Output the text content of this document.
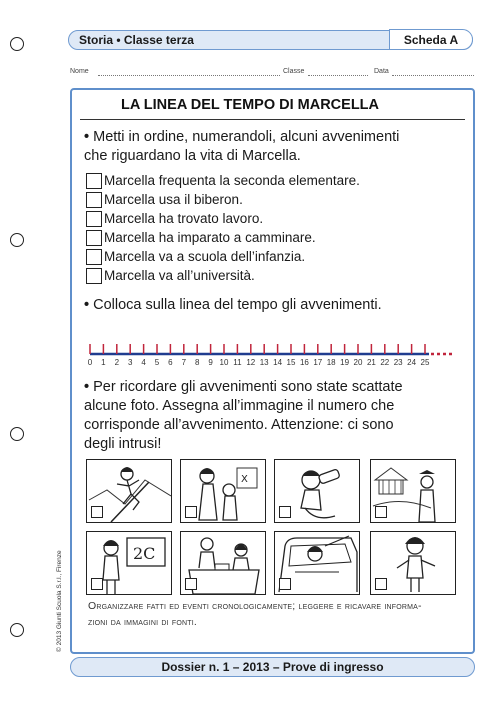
Storia • Classe terza	Scheda A
Nome	Classe	Data
LA LINEA DEL TEMPO DI MARCELLA
• Metti in ordine, numerandoli, alcuni avvenimenti
che riguardano la vita di Marcella.
Marcella frequenta la seconda elementare.
Marcella usa il biberon.
Marcella ha trovato lavoro.
Marcella ha imparato a camminare.
Marcella va a scuola dell’infanzia.
Marcella va all’università.
• Colloca sulla linea del tempo gli avvenimenti.
0 1 2 3 4 5 6 7 8 9 10 11 12 13 14 15 16 17 18 19 20 21 22 23 24 25
• Per ricordare gli avvenimenti sono state scattate
alcune foto. Assegna all’immagine il numero che
corrisponde all’avvenimento. Attenzione: ci sono
degli intrusi!
X
2C
Organizzare fatti ed eventi cronologicamente; leggere e ricavare informa-
zioni da immagini di fonti.
© 2013 Giunti Scuola S.r.l., Firenze
Dossier n. 1 – 2013 – Prove di ingresso
